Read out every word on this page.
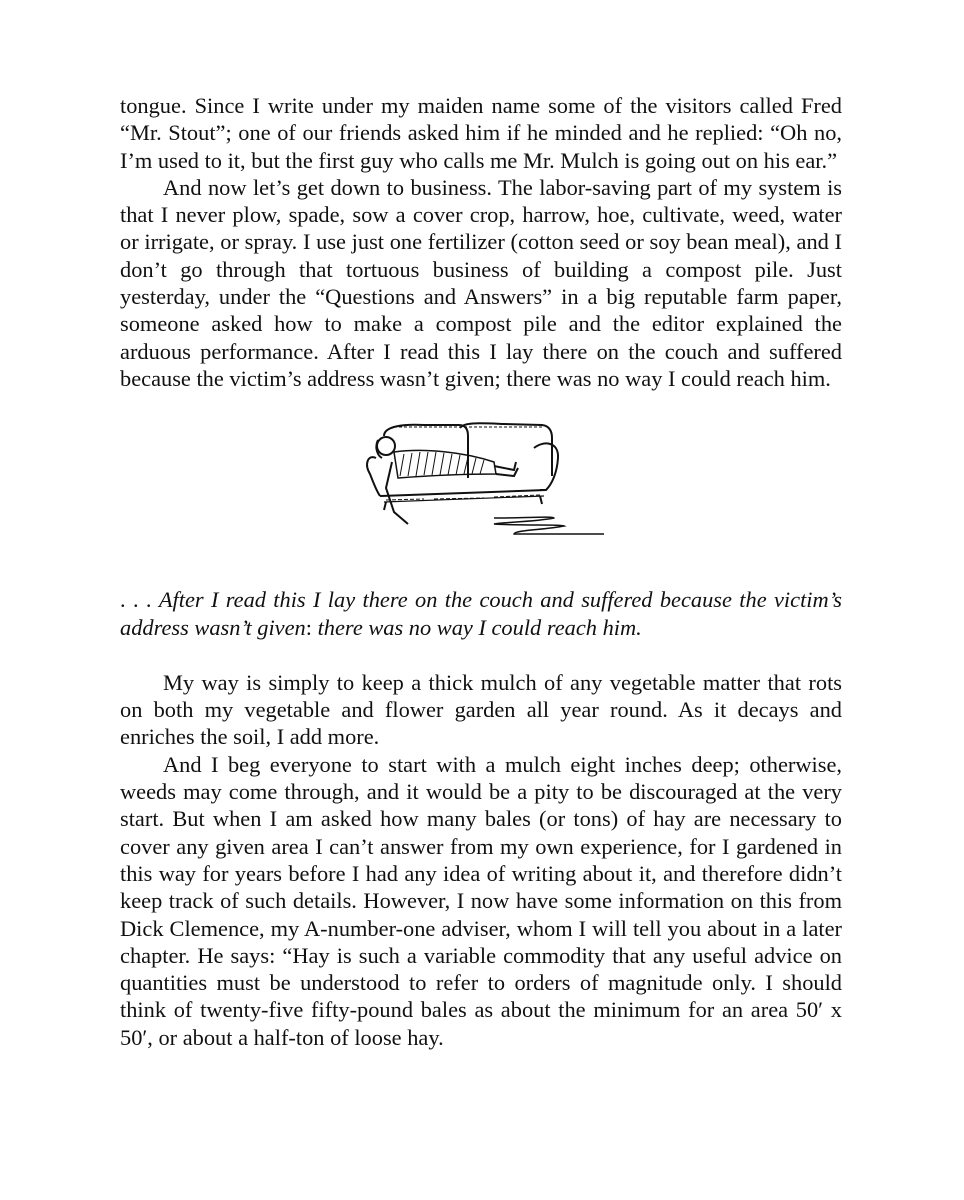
tongue. Since I write under my maiden name some of the visitors called Fred “Mr. Stout”; one of our friends asked him if he minded and he replied: “Oh no, I’m used to it, but the first guy who calls me Mr. Mulch is going out on his ear.”

And now let’s get down to business. The labor-saving part of my system is that I never plow, spade, sow a cover crop, harrow, hoe, cultivate, weed, water or irrigate, or spray. I use just one fertilizer (cotton seed or soy bean meal), and I don’t go through that tortuous business of building a compost pile. Just yesterday, under the “Questions and Answers” in a big reputable farm paper, someone asked how to make a compost pile and the editor explained the arduous performance. After I read this I lay there on the couch and suffered because the victim’s address wasn’t given; there was no way I could reach him.

. . . After I read this I lay there on the couch and suffered because the victim’s address wasn’t given: there was no way I could reach him.

My way is simply to keep a thick mulch of any vegetable matter that rots on both my vegetable and flower garden all year round. As it decays and enriches the soil, I add more.

And I beg everyone to start with a mulch eight inches deep; otherwise, weeds may come through, and it would be a pity to be discouraged at the very start. But when I am asked how many bales (or tons) of hay are necessary to cover any given area I can’t answer from my own experience, for I gardened in this way for years before I had any idea of writing about it, and therefore didn’t keep track of such details. However, I now have some information on this from Dick Clemence, my A-number-one adviser, whom I will tell you about in a later chapter. He says: “Hay is such a variable commodity that any useful advice on quantities must be understood to refer to orders of magnitude only. I should think of twenty-five fifty-pound bales as about the minimum for an area 50′ x 50′, or about a half-ton of loose hay.
